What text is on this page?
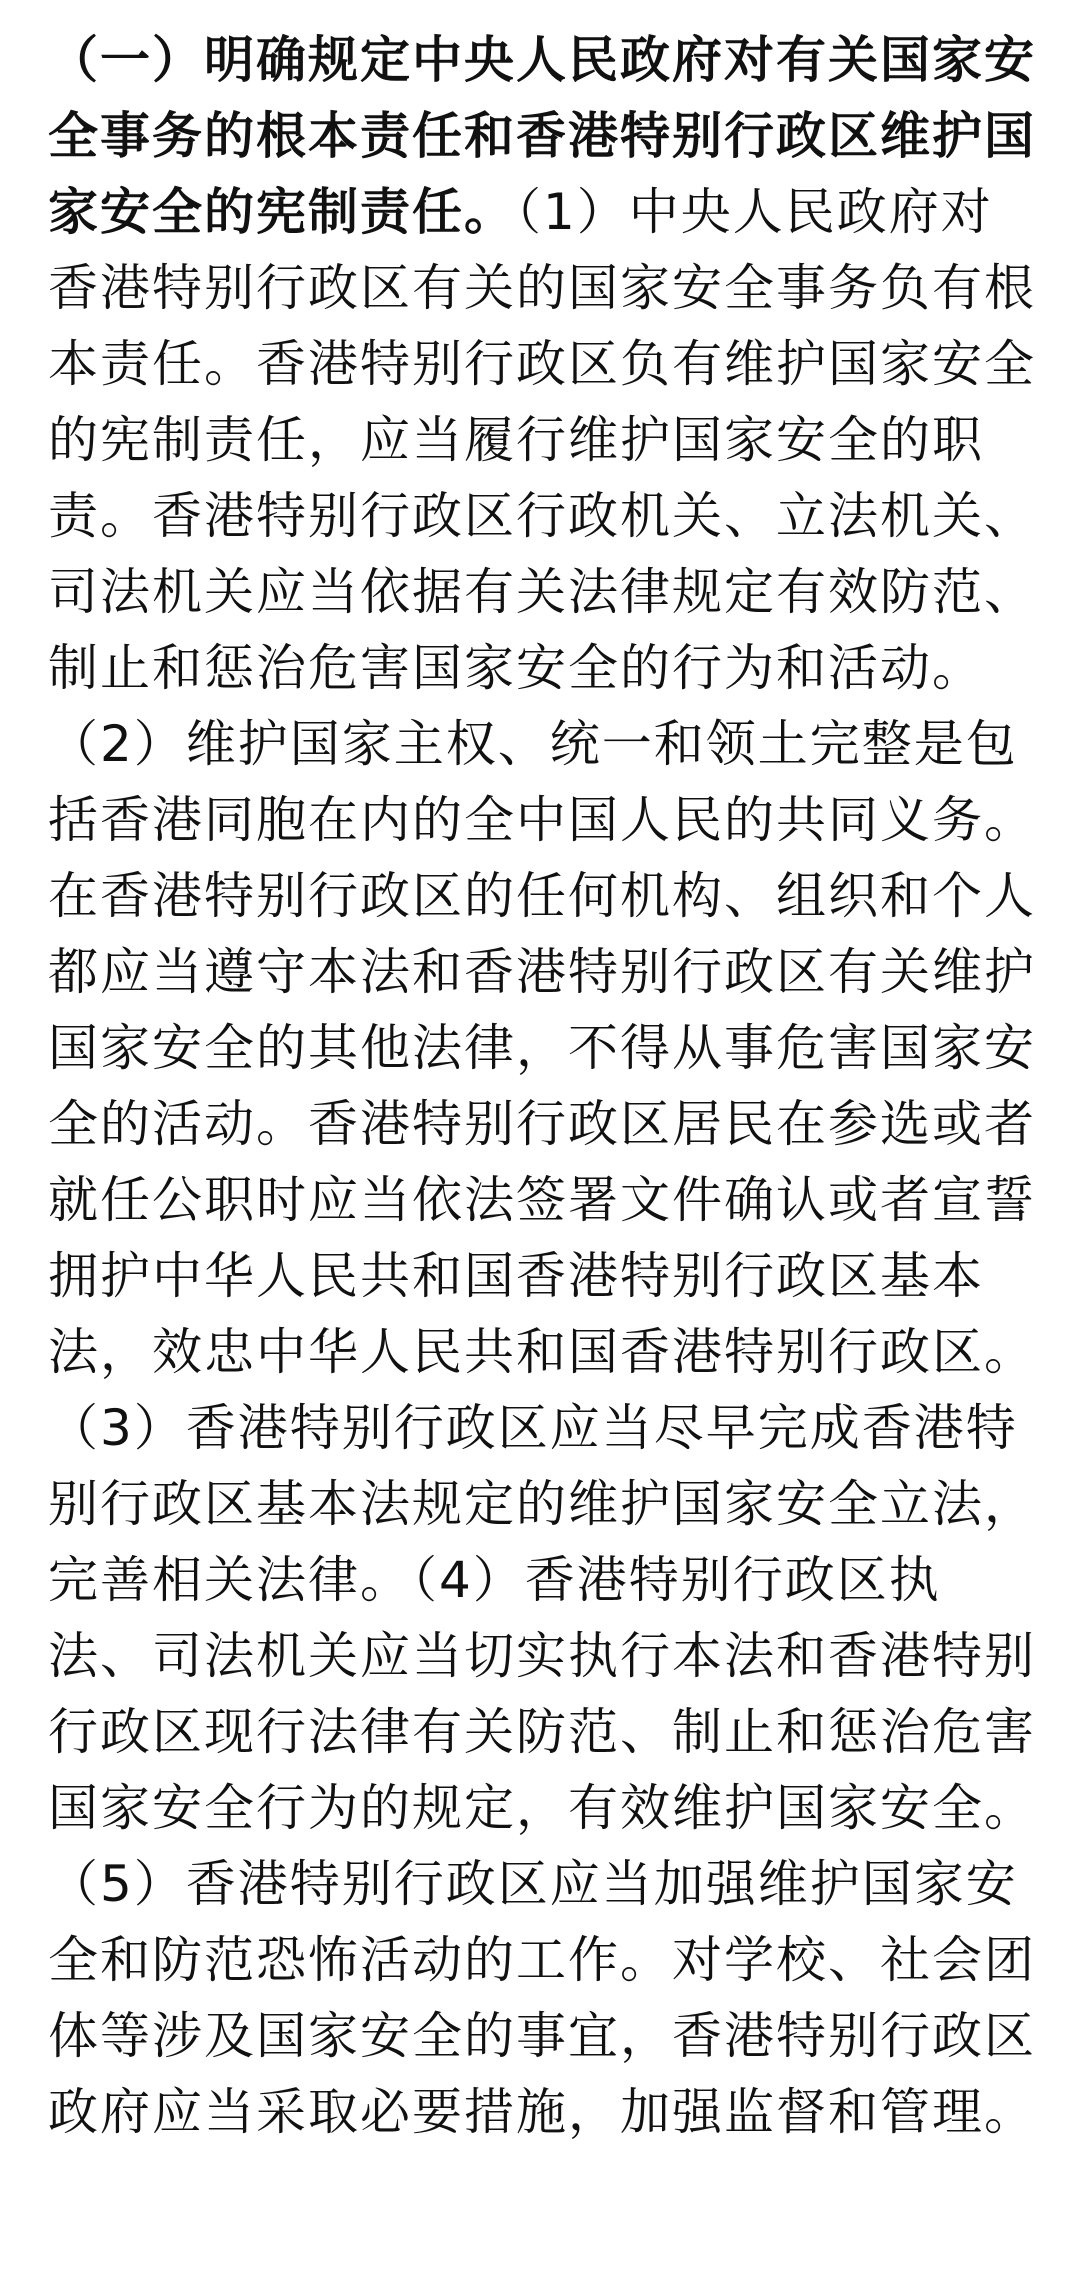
（一）明确规定中央人民政府对有关国家安
全事务的根本责任和香港特别行政区维护国
家安全的宪制责任。（1）中央人民政府对
香港特别行政区有关的国家安全事务负有根
本责任。香港特别行政区负有维护国家安全
的宪制责任，应当履行维护国家安全的职
责。香港特别行政区行政机关、立法机关、
司法机关应当依据有关法律规定有效防范、
制止和惩治危害国家安全的行为和活动。
（2）维护国家主权、统一和领土完整是包
括香港同胞在内的全中国人民的共同义务。
在香港特别行政区的任何机构、组织和个人
都应当遵守本法和香港特别行政区有关维护
国家安全的其他法律，不得从事危害国家安
全的活动。香港特别行政区居民在参选或者
就任公职时应当依法签署文件确认或者宣誓
拥护中华人民共和国香港特别行政区基本
法，效忠中华人民共和国香港特别行政区。
（3）香港特别行政区应当尽早完成香港特
别行政区基本法规定的维护国家安全立法，
完善相关法律。（4）香港特别行政区执
法、司法机关应当切实执行本法和香港特别
行政区现行法律有关防范、制止和惩治危害
国家安全行为的规定，有效维护国家安全。
（5）香港特别行政区应当加强维护国家安
全和防范恐怖活动的工作。对学校、社会团
体等涉及国家安全的事宜，香港特别行政区
政府应当采取必要措施，加强监督和管理。
